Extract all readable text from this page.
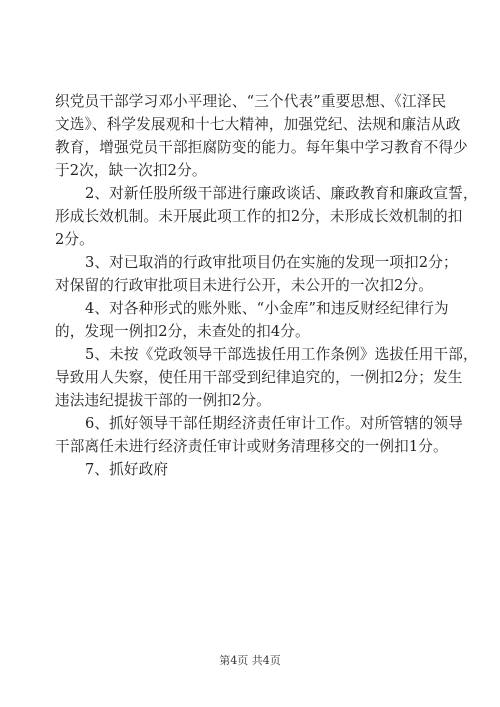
织党员干部学习邓小平理论、“三个代表”重要思想、《江泽民
文选》、科学发展观和十七大精神，加强党纪、法规和廉洁从政
教育，增强党员干部拒腐防变的能力。每年集中学习教育不得少
于2次，缺一次扣2分。
2、对新任股所级干部进行廉政谈话、廉政教育和廉政宣誓，
形成长效机制。未开展此项工作的扣2分，未形成长效机制的扣
2分。
3、对已取消的行政审批项目仍在实施的发现一项扣2分；
对保留的行政审批项目未进行公开，未公开的一次扣2分。
4、对各种形式的账外账、“小金库”和违反财经纪律行为
的，发现一例扣2分，未查处的扣4分。
5、未按《党政领导干部选拔任用工作条例》选拔任用干部，
导致用人失察，使任用干部受到纪律追究的，一例扣2分；发生
违法违纪提拔干部的一例扣2分。
6、抓好领导干部任期经济责任审计工作。对所管辖的领导
干部离任未进行经济责任审计或财务清理移交的一例扣1分。
7、抓好政府
第4页 共4页
